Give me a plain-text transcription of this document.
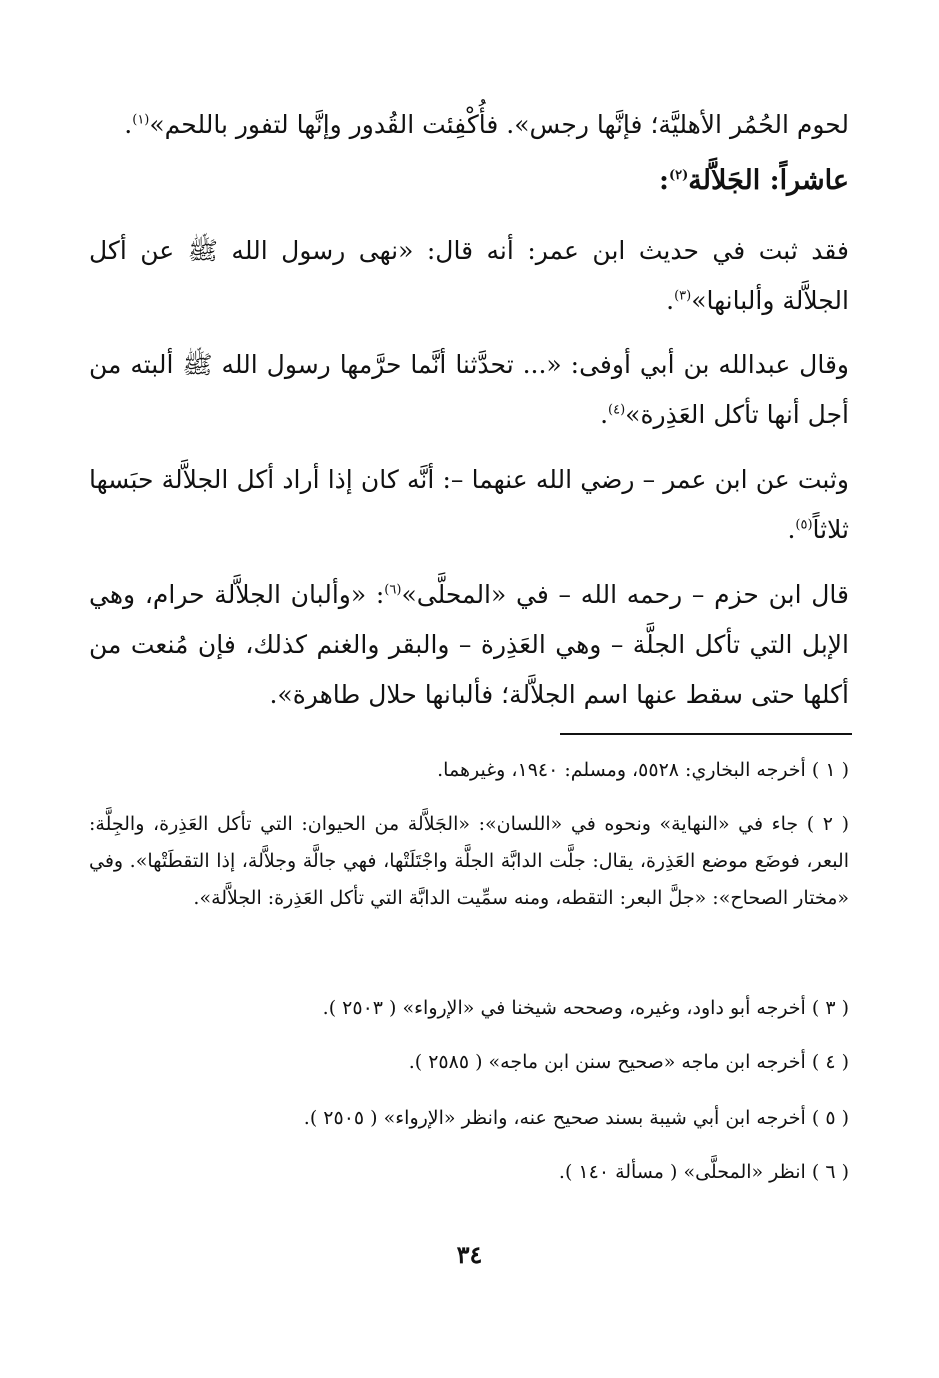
لحوم الحُمُر الأهليَّة؛ فإنَّها رجس». فأُكْفِئت القُدور وإنَّها لتفور باللحم»$^{(١)}$.

عاشراً: الجَلاَّلة$^{(٢)}$:

فقد ثبت في حديث ابن عمر: أنه قال: «نهى رسول الله ﷺ عن أكل الجلاَّلة وألبانها»$^{(٣)}$.

وقال عبدالله بن أبي أوفى: «... تحدَّثنا أنَّما حرَّمها رسول الله ﷺ ألبته من أجل أنها تأكل العَذِرة»$^{(٤)}$.

وثبت عن ابن عمر – رضي الله عنهما –: أنَّه كان إذا أراد أكل الجلاَّلة حبَسها ثلاثاً$^{(٥)}$.

قال ابن حزم – رحمه الله – في «المحلَّى»$^{(٦)}$: «وألبان الجلاَّلة حرام، وهي الإبل التي تأكل الجلَّة – وهي العَذِرة – والبقر والغنم كذلك، فإن مُنعت من أكلها حتى سقط عنها اسم الجلاَّلة؛ فألبانها حلال طاهرة».

( ١ ) أخرجه البخاري: ٥٥٢٨، ومسلم: ١٩٤٠، وغيرهما.

( ٢ ) جاء في «النهاية» ونحوه في «اللسان»: «الجَلاَّلة من الحيوان: التي تأكل العَذِرة، والجِلَّة: البعر، فوضَع موضع العَذِرة، يقال: جلَّت الدابَّة الجلَّة واجْتَلَتْها، فهي جالَّة وجلاَّلة، إذا التقطَتْها». وفي «مختار الصحاح»: «جلَّ البعر: التقطه، ومنه سمِّيت الدابَّة التي تأكل العَذِرة: الجلاَّلة».

( ٣ ) أخرجه أبو داود، وغيره، وصححه شيخنا في «الإرواء» ( ٢٥٠٣ ).

( ٤ ) أخرجه ابن ماجه «صحيح سنن ابن ماجه» ( ٢٥٨٥ ).

( ٥ ) أخرجه ابن أبي شيبة بسند صحيح عنه، وانظر «الإرواء» ( ٢٥٠٥ ).

( ٦ ) انظر «المحلَّى» ( مسألة ١٤٠ ).

٣٤
